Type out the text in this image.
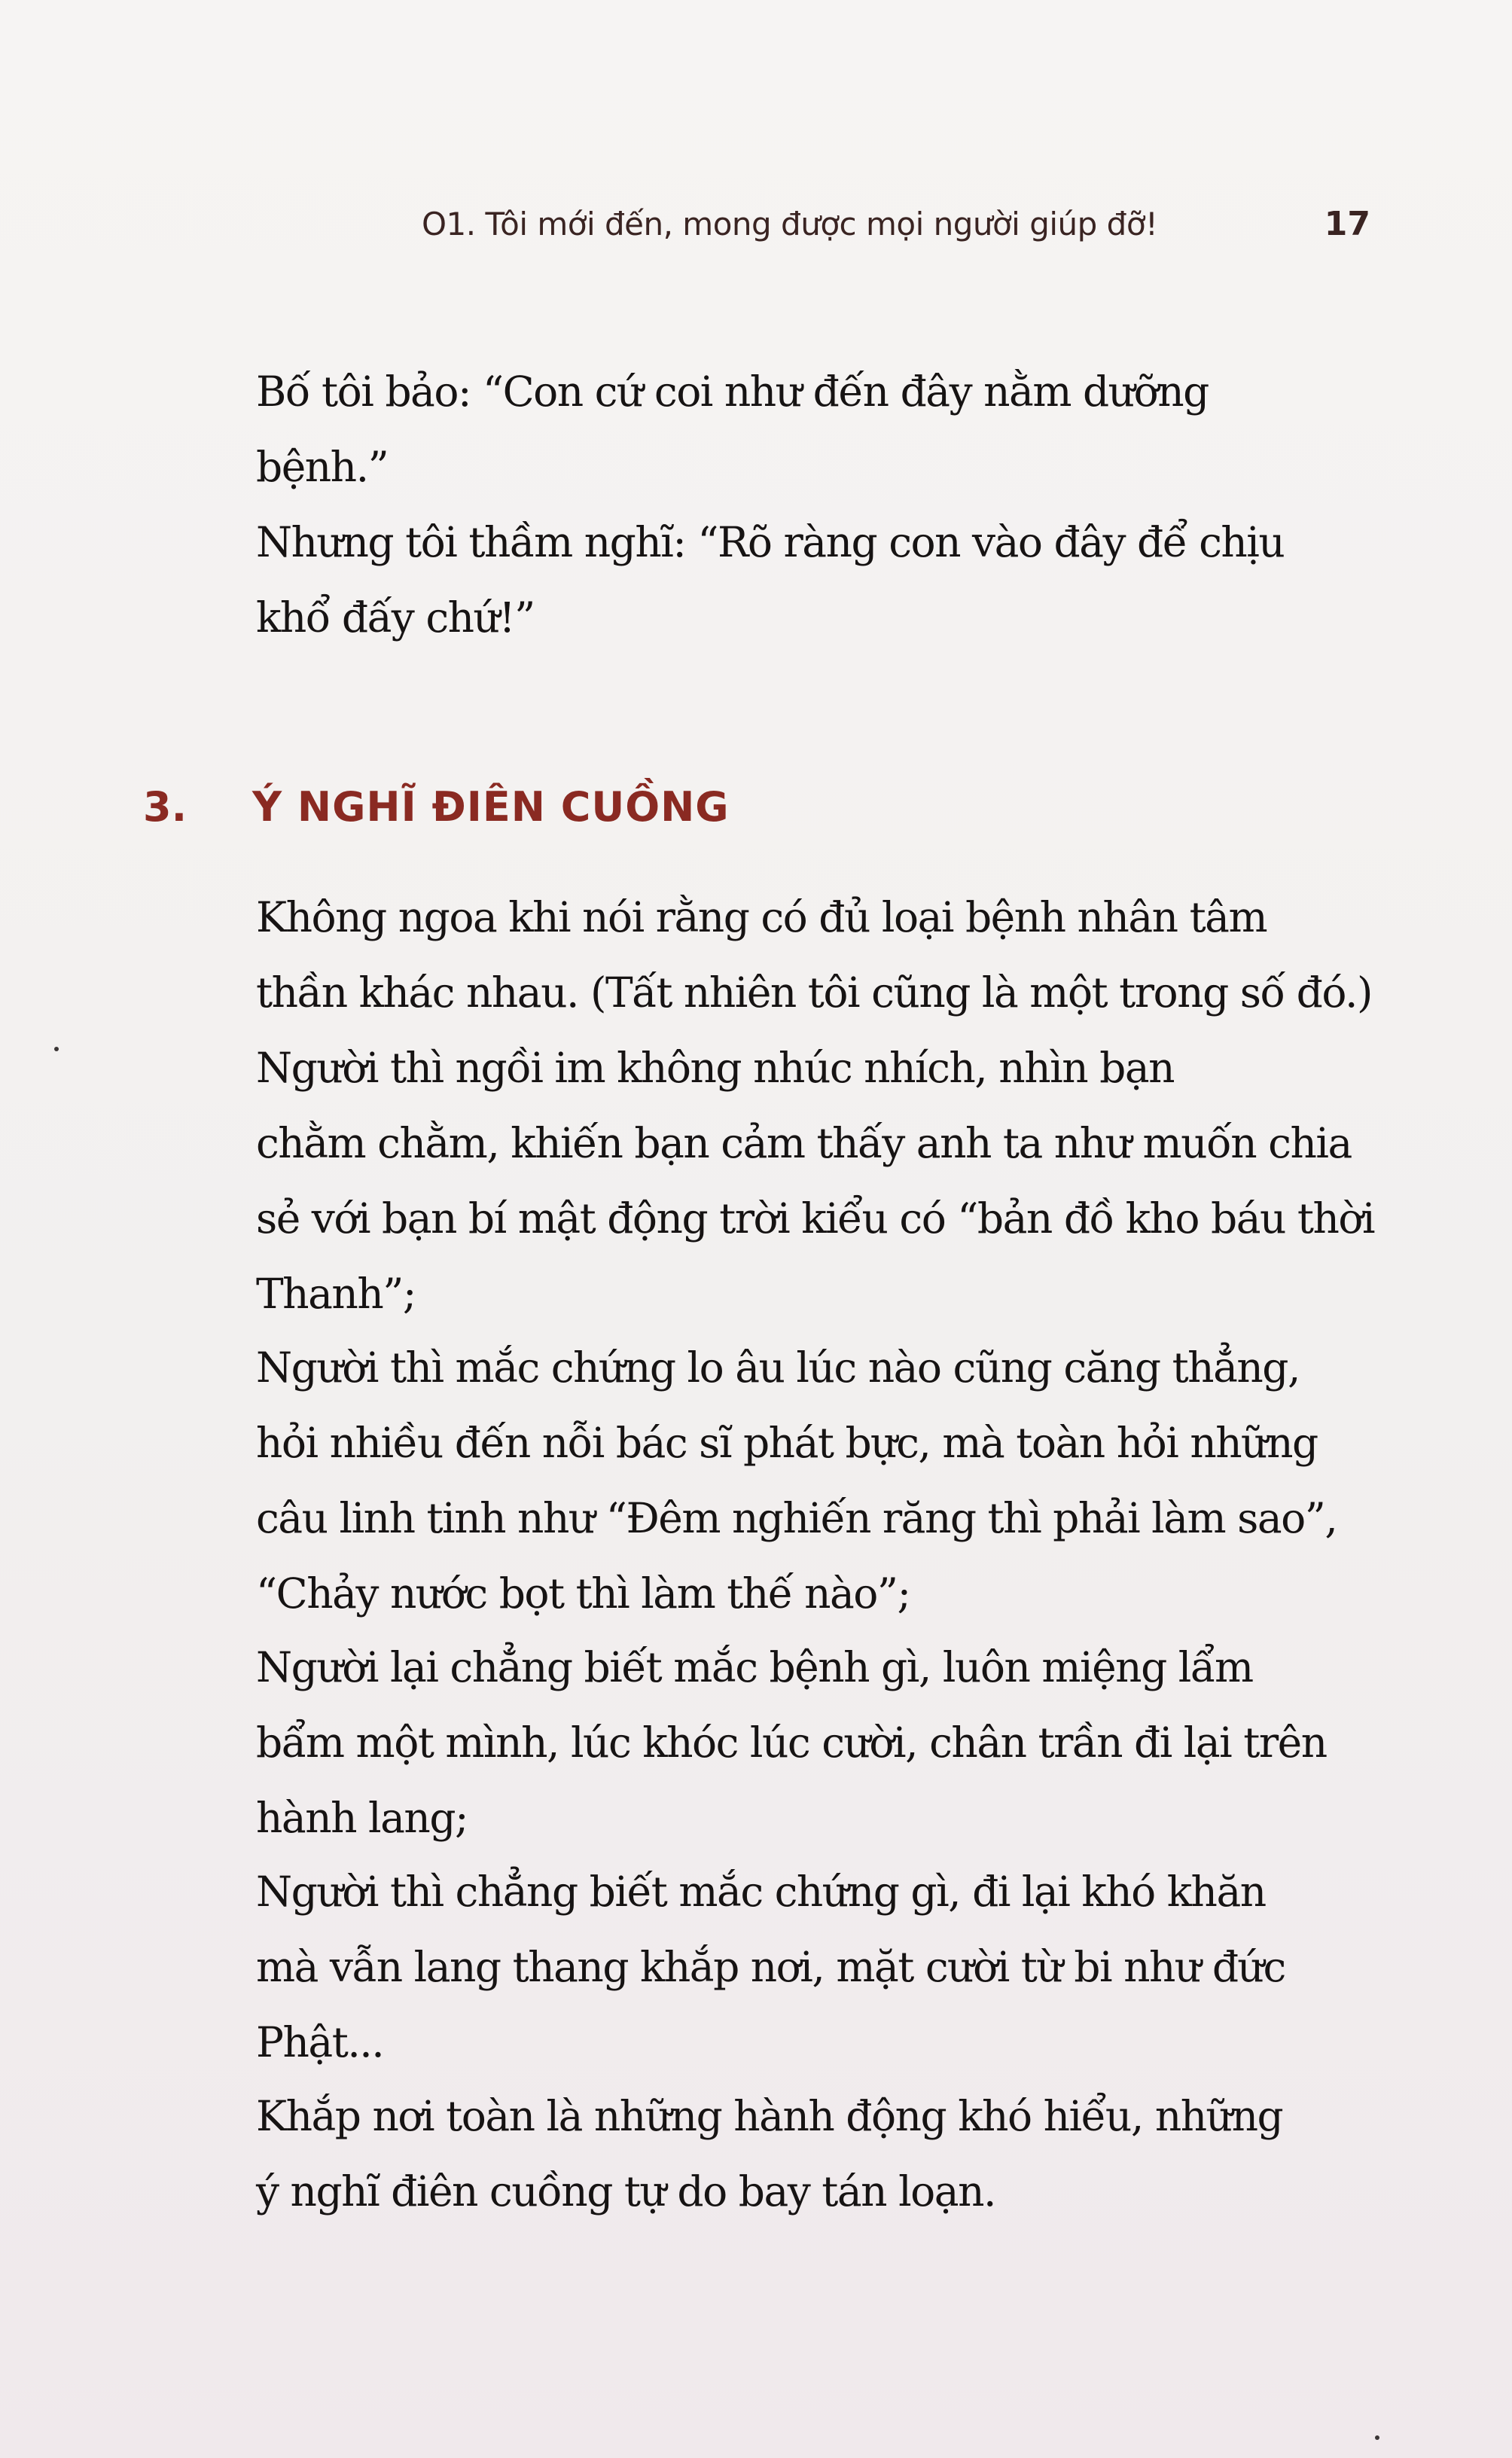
O1. Tôi mới đến, mong được mọi người giúp đỡ!	17

Bố tôi bảo: “Con cứ coi như đến đây nằm dưỡng
bệnh.”

Nhưng tôi thầm nghĩ: “Rõ ràng con vào đây để chịu
khổ đấy chứ!”

Không ngoa khi nói rằng có đủ loại bệnh nhân tâm
thần khác nhau. (Tất nhiên tôi cũng là một trong số đó.)

Người thì ngồi im không nhúc nhích, nhìn bạn
chằm chằm, khiến bạn cảm thấy anh ta như muốn chia
sẻ với bạn bí mật động trời kiểu có “bản đồ kho báu thời
Thanh”;

Người thì mắc chứng lo âu lúc nào cũng căng thẳng,
hỏi nhiều đến nỗi bác sĩ phát bực, mà toàn hỏi những
câu linh tinh như “Đêm nghiến răng thì phải làm sao”,
“Chảy nước bọt thì làm thế nào”;

Người lại chẳng biết mắc bệnh gì, luôn miệng lẩm
bẩm một mình, lúc khóc lúc cười, chân trần đi lại trên
hành lang;

Người thì chẳng biết mắc chứng gì, đi lại khó khăn
mà vẫn lang thang khắp nơi, mặt cười từ bi như đức
Phật...

Khắp nơi toàn là những hành động khó hiểu, những
ý nghĩ điên cuồng tự do bay tán loạn.

3. Ý NGHĨ ĐIÊN CUỒNG
